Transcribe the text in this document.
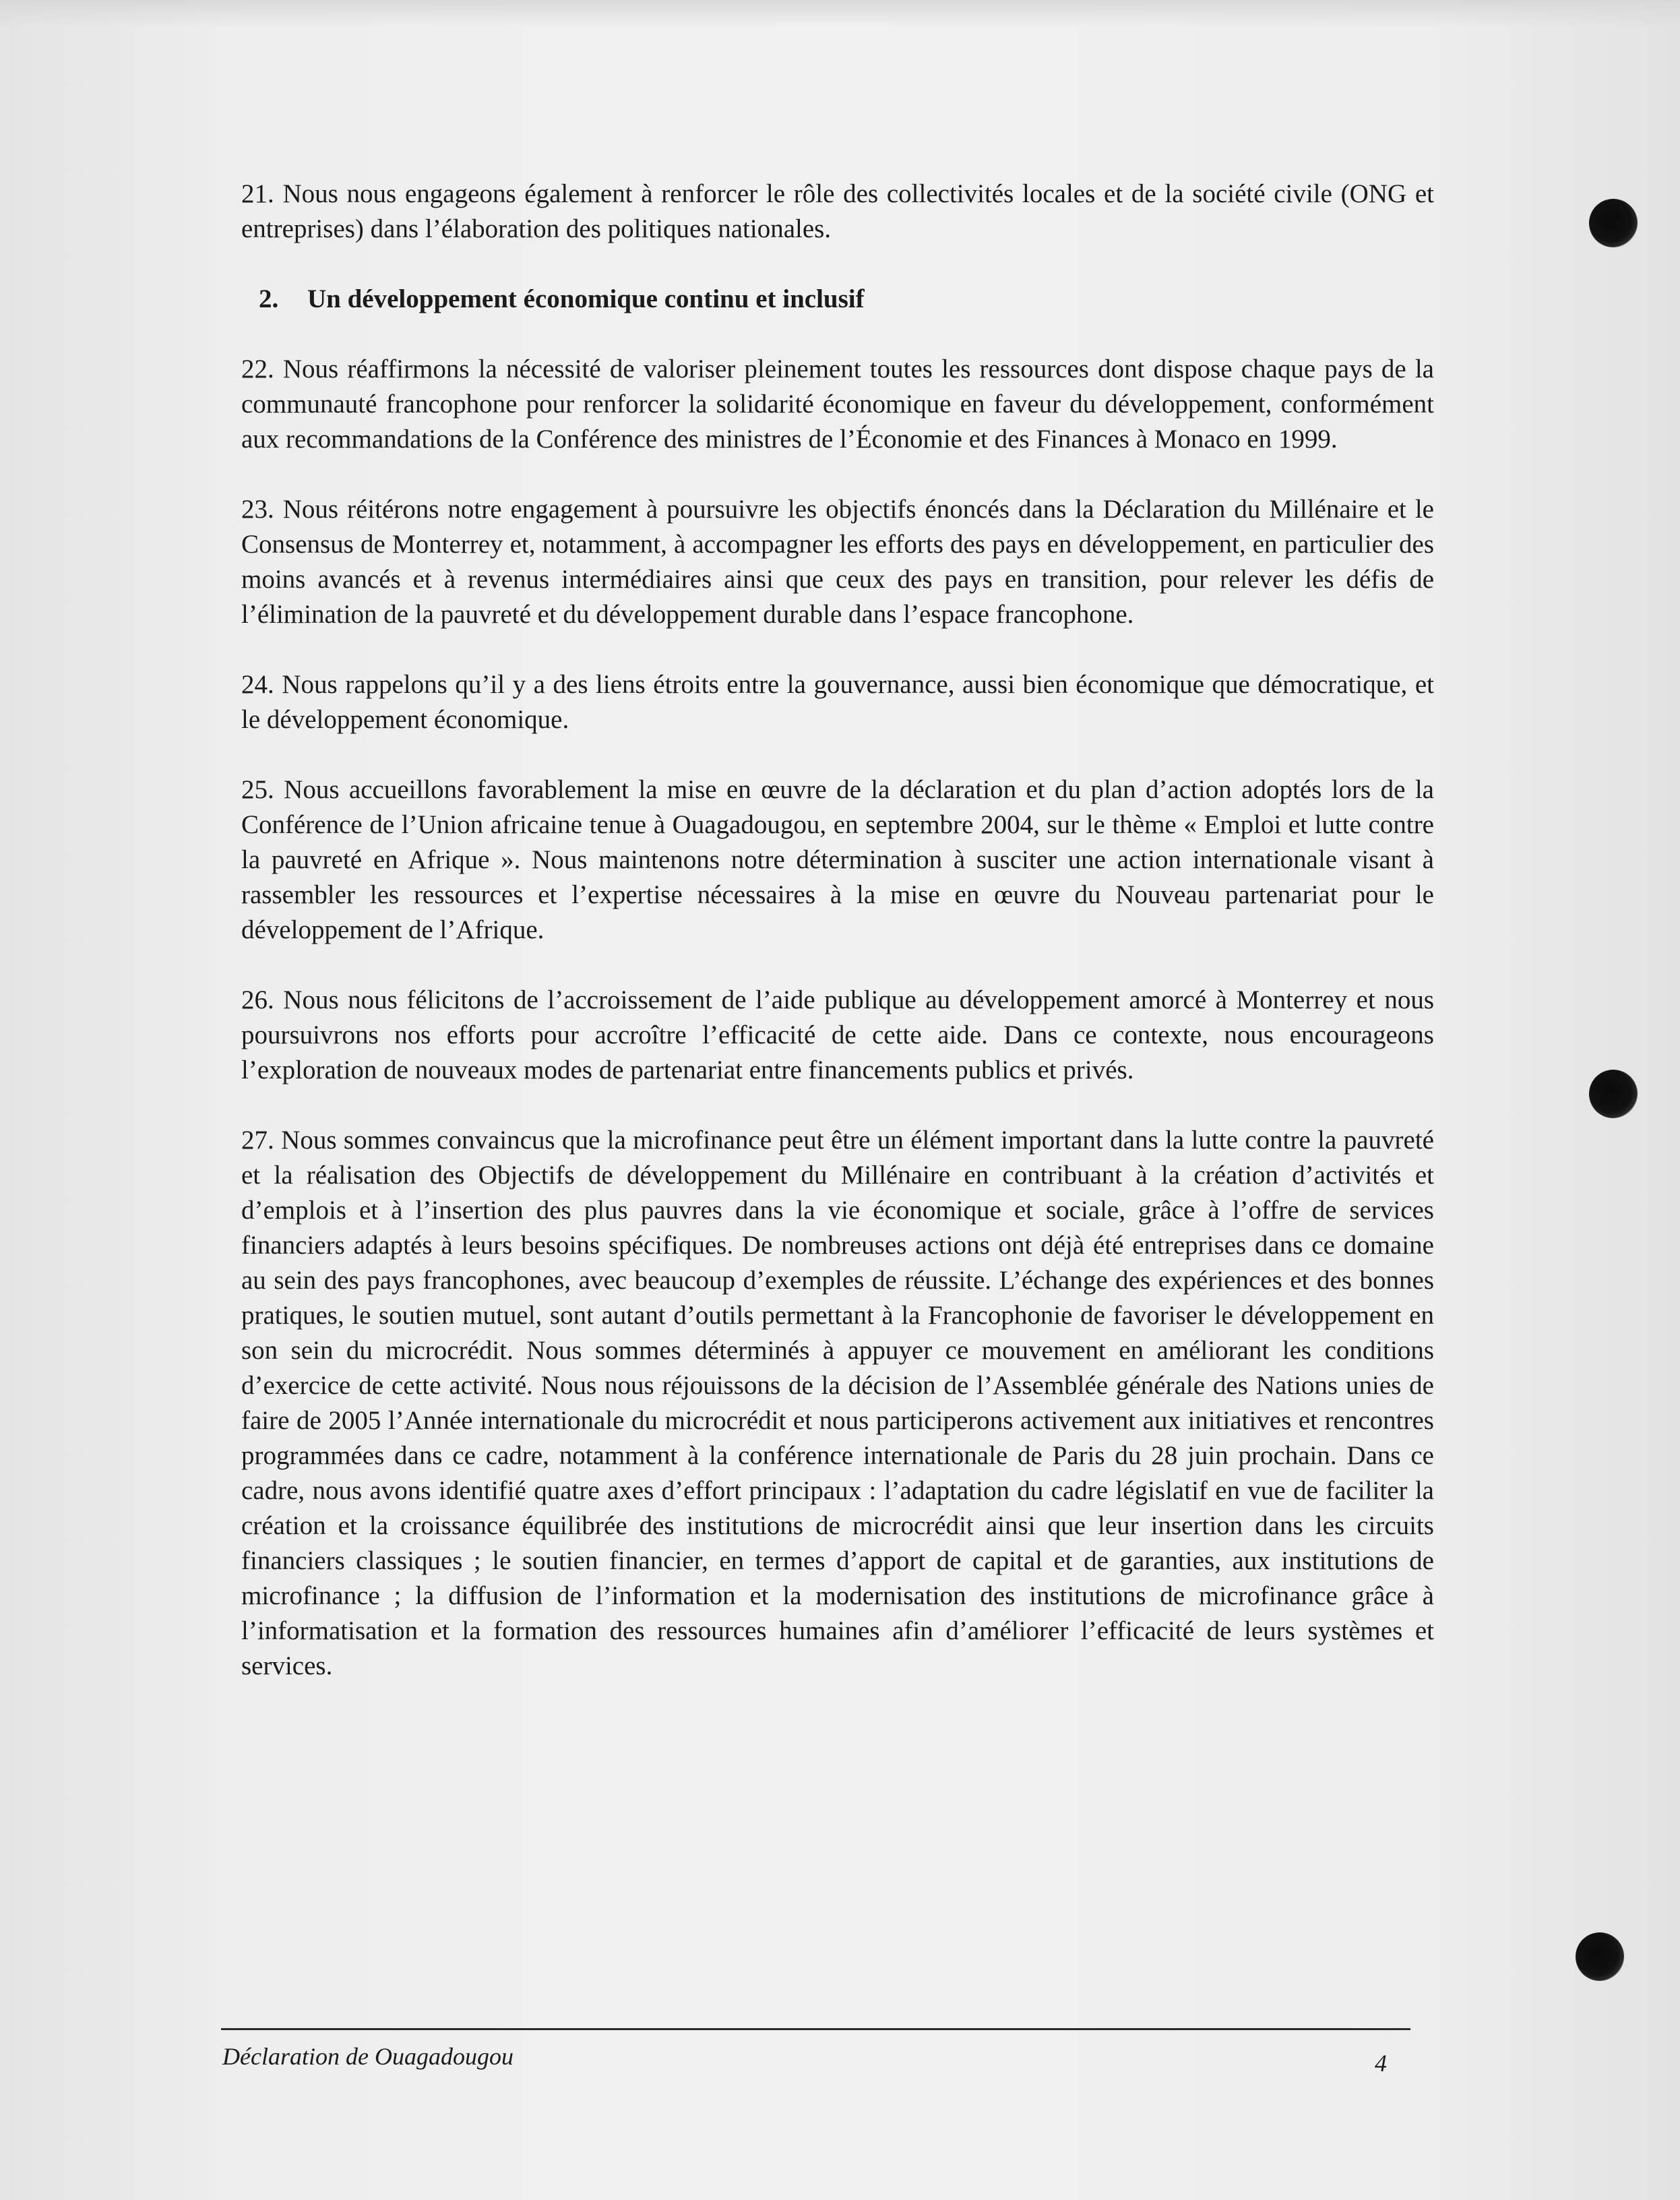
21. Nous nous engageons également à renforcer le rôle des collectivités locales et de la société civile (ONG et entreprises) dans l’élaboration des politiques nationales.

2. Un développement économique continu et inclusif

22. Nous réaffirmons la nécessité de valoriser pleinement toutes les ressources dont dispose chaque pays de la communauté francophone pour renforcer la solidarité économique en faveur du développement, conformément aux recommandations de la Conférence des ministres de l’Économie et des Finances à Monaco en 1999.

23. Nous réitérons notre engagement à poursuivre les objectifs énoncés dans la Déclaration du Millénaire et le Consensus de Monterrey et, notamment, à accompagner les efforts des pays en développement, en particulier des moins avancés et à revenus intermédiaires ainsi que ceux des pays en transition, pour relever les défis de l’élimination de la pauvreté et du développement durable dans l’espace francophone.

24. Nous rappelons qu’il y a des liens étroits entre la gouvernance, aussi bien économique que démocratique, et le développement économique.

25. Nous accueillons favorablement la mise en œuvre de la déclaration et du plan d’action adoptés lors de la Conférence de l’Union africaine tenue à Ouagadougou, en septembre 2004, sur le thème « Emploi et lutte contre la pauvreté en Afrique ». Nous maintenons notre détermination à susciter une action internationale visant à rassembler les ressources et l’expertise nécessaires à la mise en œuvre du Nouveau partenariat pour le développement de l’Afrique.

26. Nous nous félicitons de l’accroissement de l’aide publique au développement amorcé à Monterrey et nous poursuivrons nos efforts pour accroître l’efficacité de cette aide. Dans ce contexte, nous encourageons l’exploration de nouveaux modes de partenariat entre financements publics et privés.

27. Nous sommes convaincus que la microfinance peut être un élément important dans la lutte contre la pauvreté et la réalisation des Objectifs de développement du Millénaire en contribuant à la création d’activités et d’emplois et à l’insertion des plus pauvres dans la vie économique et sociale, grâce à l’offre de services financiers adaptés à leurs besoins spécifiques. De nombreuses actions ont déjà été entreprises dans ce domaine au sein des pays francophones, avec beaucoup d’exemples de réussite. L’échange des expériences et des bonnes pratiques, le soutien mutuel, sont autant d’outils permettant à la Francophonie de favoriser le développement en son sein du microcrédit. Nous sommes déterminés à appuyer ce mouvement en améliorant les conditions d’exercice de cette activité. Nous nous réjouissons de la décision de l’Assemblée générale des Nations unies de faire de 2005 l’Année internationale du microcrédit et nous participerons activement aux initiatives et rencontres programmées dans ce cadre, notamment à la conférence internationale de Paris du 28 juin prochain. Dans ce cadre, nous avons identifié quatre axes d’effort principaux : l’adaptation du cadre législatif en vue de faciliter la création et la croissance équilibrée des institutions de microcrédit ainsi que leur insertion dans les circuits financiers classiques ; le soutien financier, en termes d’apport de capital et de garanties, aux institutions de microfinance ; la diffusion de l’information et la modernisation des institutions de microfinance grâce à l’informatisation et la formation des ressources humaines afin d’améliorer l’efficacité de leurs systèmes et services.

Déclaration de Ouagadougou	4
